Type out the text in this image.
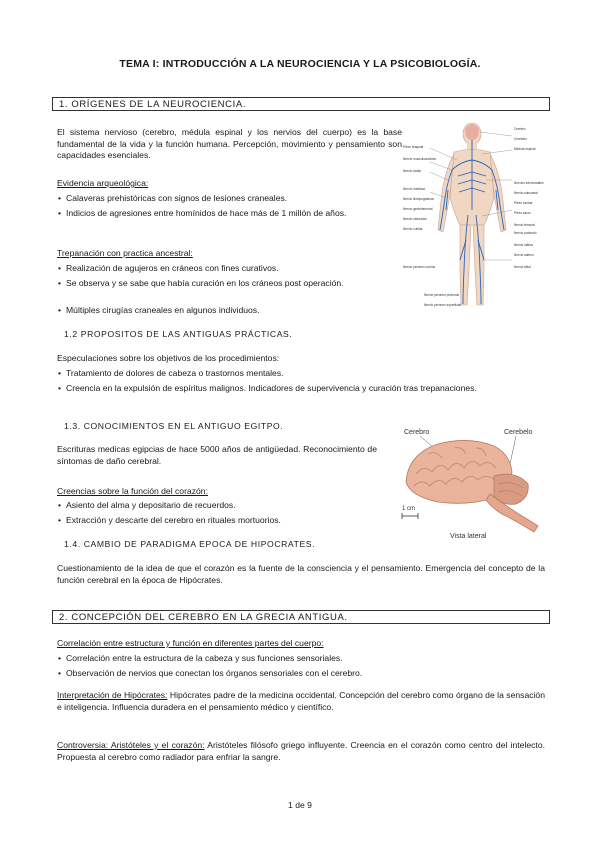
TEMA I: INTRODUCCIÓN A LA NEUROCIENCIA Y LA PSICOBIOLOGÍA.
1. ORÍGENES DE LA NEUROCIENCIA.
El sistema nervioso (cerebro, médula espinal y los nervios del cuerpo) es la base fundamental de la vida y la función humana. Percepción, movimiento y pensamiento son capacidades esenciales.
Evidencia arqueológica:
• Calaveras prehistóricas con signos de lesiones craneales.
• Indicios de agresiones entre homínidos de hace más de 1 millón de años.
Trepanación con practica ancestral:
• Realización de agujeros en cráneos con fines curativos.
• Se observa y se sabe que había curación en los cráneos post operación.
• Múltiples cirugías craneales en algunos individuos.
1.2 PROPOSITOS DE LAS ANTIGUAS PRÁCTICAS.
Especulaciones sobre los objetivos de los procedimientos:
• Tratamiento de dolores de cabeza o trastornos mentales.
• Creencia en la expulsión de espíritus malignos. Indicadores de supervivencia y curación tras trepanaciones.
1.3. CONOCIMIENTOS EN EL ANTIGUO EGITPO.
Escrituras medicas egipcias de hace 5000 años de antigüedad. Reconocimiento de síntomas de daño cerebral.
Creencias sobre la función del corazón:
• Asiento del alma y depositario de recuerdos.
• Extracción y descarte del cerebro en rituales mortuorios.
1.4. CAMBIO DE PARADIGMA EPOCA DE HIPOCRATES.
Cuestionamiento de la idea de que el corazón es la fuente de la consciencia y el pensamiento. Emergencia del concepto de la función cerebral en la época de Hipócrates.
2. CONCEPCIÓN DEL CEREBRO EN LA GRECIA ANTIGUA.
Correlación entre estructura y función en diferentes partes del cuerpo:
• Correlación entre la estructura de la cabeza y sus funciones sensoriales.
• Observación de nervios que conectan los órganos sensoriales con el cerebro.
Interpretación de Hipócrates: Hipócrates padre de la medicina occidental. Concepción del cerebro como órgano de la sensación e inteligencia. Influencia duradera en el pensamiento médico y científico.
Controversia: Aristóteles y el corazón: Aristóteles filósofo griego influyente. Creencia en el corazón como centro del intelecto. Propuesta al cerebro como radiador para enfriar la sangre.
Plexo braquial
Nervio musculocutáneo
Nervio radial
Nervio mediano
Nervio iliohipogástrico
Nervio genitofemoral
Nervio obturador
Nervio cubital
Nervio peroneo común
Cerebro
Cerebelo
Médula espinal
Nervios intercostales
Nervio subcostal
Plexo lumbar
Plexo sacro
Nervio femoral
Nervio pudendo
Nervio ciático
Nervio safeno
Nervio tibial
Nervio peroneo profundo
Nervio peroneo superficial
Cerebro	Cerebelo
1 cm
Vista lateral
1 de 9
